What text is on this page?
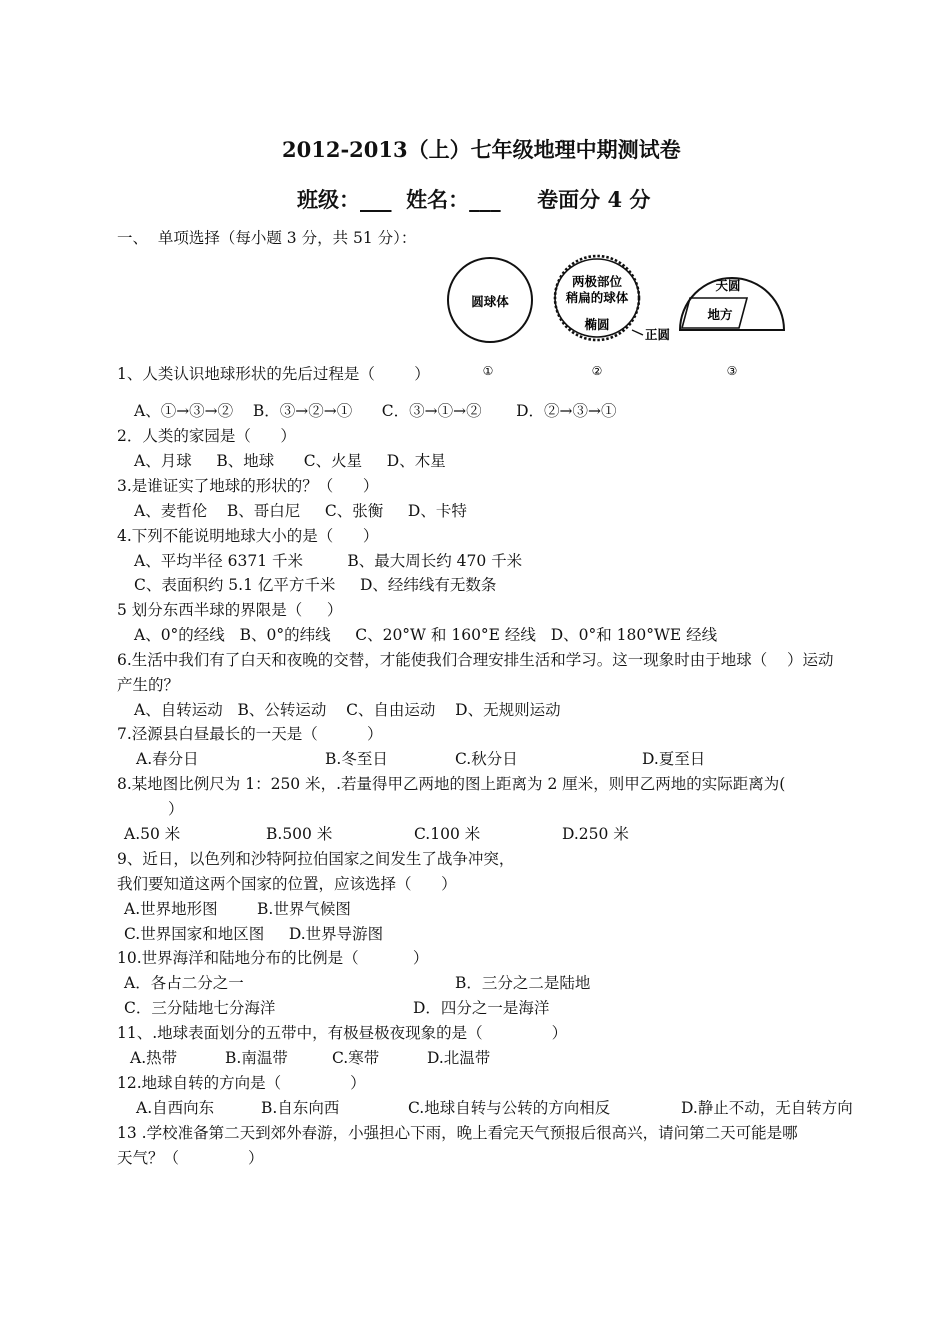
2012-2013（上）七年级地理中期测试卷
班级：___  姓名：___     卷面分 4 分
一、  单项选择（每小题 3 分，共 51 分）：
圆球体
两极部位
稍扁的球体
椭圆
正圆
天圆
地方
①	②	③
1、人类认识地球形状的先后过程是（        ）
A、①→③→②    B．③→②→①      C．③→①→②       D．②→③→①
2．人类的家园是（      ）
A、月球     B、地球      C、火星     D、木星
3.是谁证实了地球的形状的？（      ）
A、麦哲伦    B、哥白尼     C、张衡     D、卡特
4.下列不能说明地球大小的是（      ）
A、平均半径 6371 千米         B、最大周长约 470 千米
C、表面积约 5.1 亿平方千米     D、经纬线有无数条
5 划分东西半球的界限是（     ）
A、0°的经线   B、0°的纬线     C、20°W 和 160°E 经线   D、0°和 180°WE 经线
6.生活中我们有了白天和夜晚的交替，才能使我们合理安排生活和学习。这一现象时由于地球（    ）运动
产生的？
A、自转运动   B、公转运动    C、自由运动    D、无规则运动
7.泾源县白昼最长的一天是（          ）
A.春分日	B.冬至日	C.秋分日	D.夏至日
8.某地图比例尺为 1：250 米，.若量得甲乙两地的图上距离为 2 厘米，则甲乙两地的实际距离为(
）
A.50 米	B.500 米	C.100 米	D.250 米
9、近日，以色列和沙特阿拉伯国家之间发生了战争冲突，
我们要知道这两个国家的位置，应该选择（      ）
A.世界地形图        B.世界气候图
C.世界国家和地区图     D.世界导游图
10.世界海洋和陆地分布的比例是（           ）
A．各占二分之一	B．三分之二是陆地
C．三分陆地七分海洋	D．四分之一是海洋
11、.地球表面划分的五带中，有极昼极夜现象的是（              ）
A.热带	B.南温带	C.寒带	D.北温带
12.地球自转的方向是（              ）
A.自西向东	B.自东向西	C.地球自转与公转的方向相反	D.静止不动，无自转方向
13 .学校准备第二天到郊外春游，小强担心下雨，晚上看完天气预报后很高兴，请问第二天可能是哪
天气？（              ）
